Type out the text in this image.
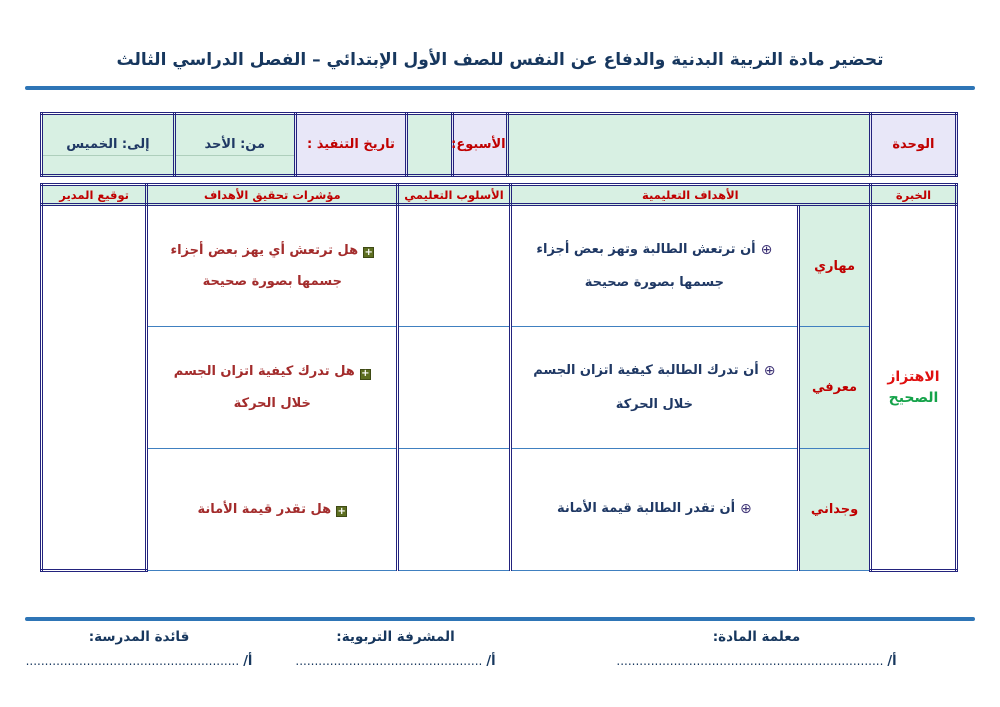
تحضير مادة التربية البدنية والدفاع عن النفس للصف الأول الإبتدائي – الفصل الدراسي الثالث
الوحدة		الأسبوع:		تاريخ التنفيذ :	
من: الأحد

إلى: الخميس
الخبرة	الأهداف التعليمية		الأسلوب التعليمي	مؤشرات تحقيق الأهداف	توقيع المدير

الاهتزاز
الصحيح	مهاري	⊕أن ترتعش الطالبة وتهز بعض أجزاء جسمها بصورة صحيحة		+هل ترتعش أي يهز بعض أجزاء جسمها بصورة صحيحة	

	معرفي	⊕أن تدرك الطالبة كيفية اتزان الجسم خلال الحركة		+هل تدرك كيفية اتزان الجسم خلال الحركة	

	وجداني	⊕أن تقدر الطالبة قيمة الأمانة		+هل تقدر قيمة الأمانة	
معلمة المادة:
أ/......................................................................
المشرفة التربوية:
أ/.................................................
قائدة المدرسة:
أ/........................................................
